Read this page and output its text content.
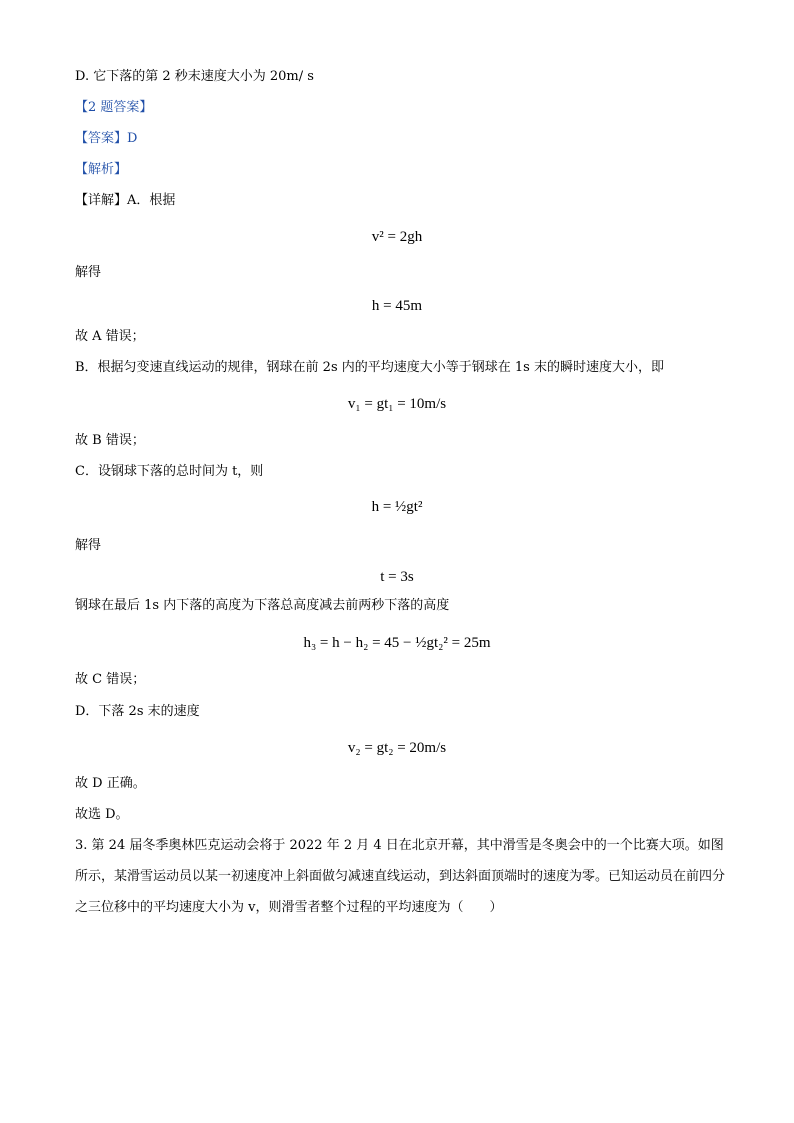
D. 它下落的第 2 秒末速度大小为 20m/ s
【2 题答案】
【答案】D
【解析】
【详解】A．根据
v² = 2gh
解得
h = 45m
故 A 错误；
B．根据匀变速直线运动的规律，钢球在前 2s 内的平均速度大小等于钢球在 1s 末的瞬时速度大小，即
v₁ = gt₁ = 10m/s
故 B 错误；
C．设钢球下落的总时间为 t，则
h = ½gt²
解得
t = 3s
钢球在最后 1s 内下落的高度为下落总高度减去前两秒下落的高度
h₃ = h − h₂ = 45 − ½gt₂² = 25m
故 C 错误；
D．下落 2s 末的速度
v₂ = gt₂ = 20m/s
故 D 正确。
故选 D。
3. 第 24 届冬季奥林匹克运动会将于 2022 年 2 月 4 日在北京开幕，其中滑雪是冬奥会中的一个比赛大项。如图所示，某滑雪运动员以某一初速度冲上斜面做匀减速直线运动，到达斜面顶端时的速度为零。已知运动员在前四分之三位移中的平均速度大小为 v，则滑雪者整个过程的平均速度为（　　）
